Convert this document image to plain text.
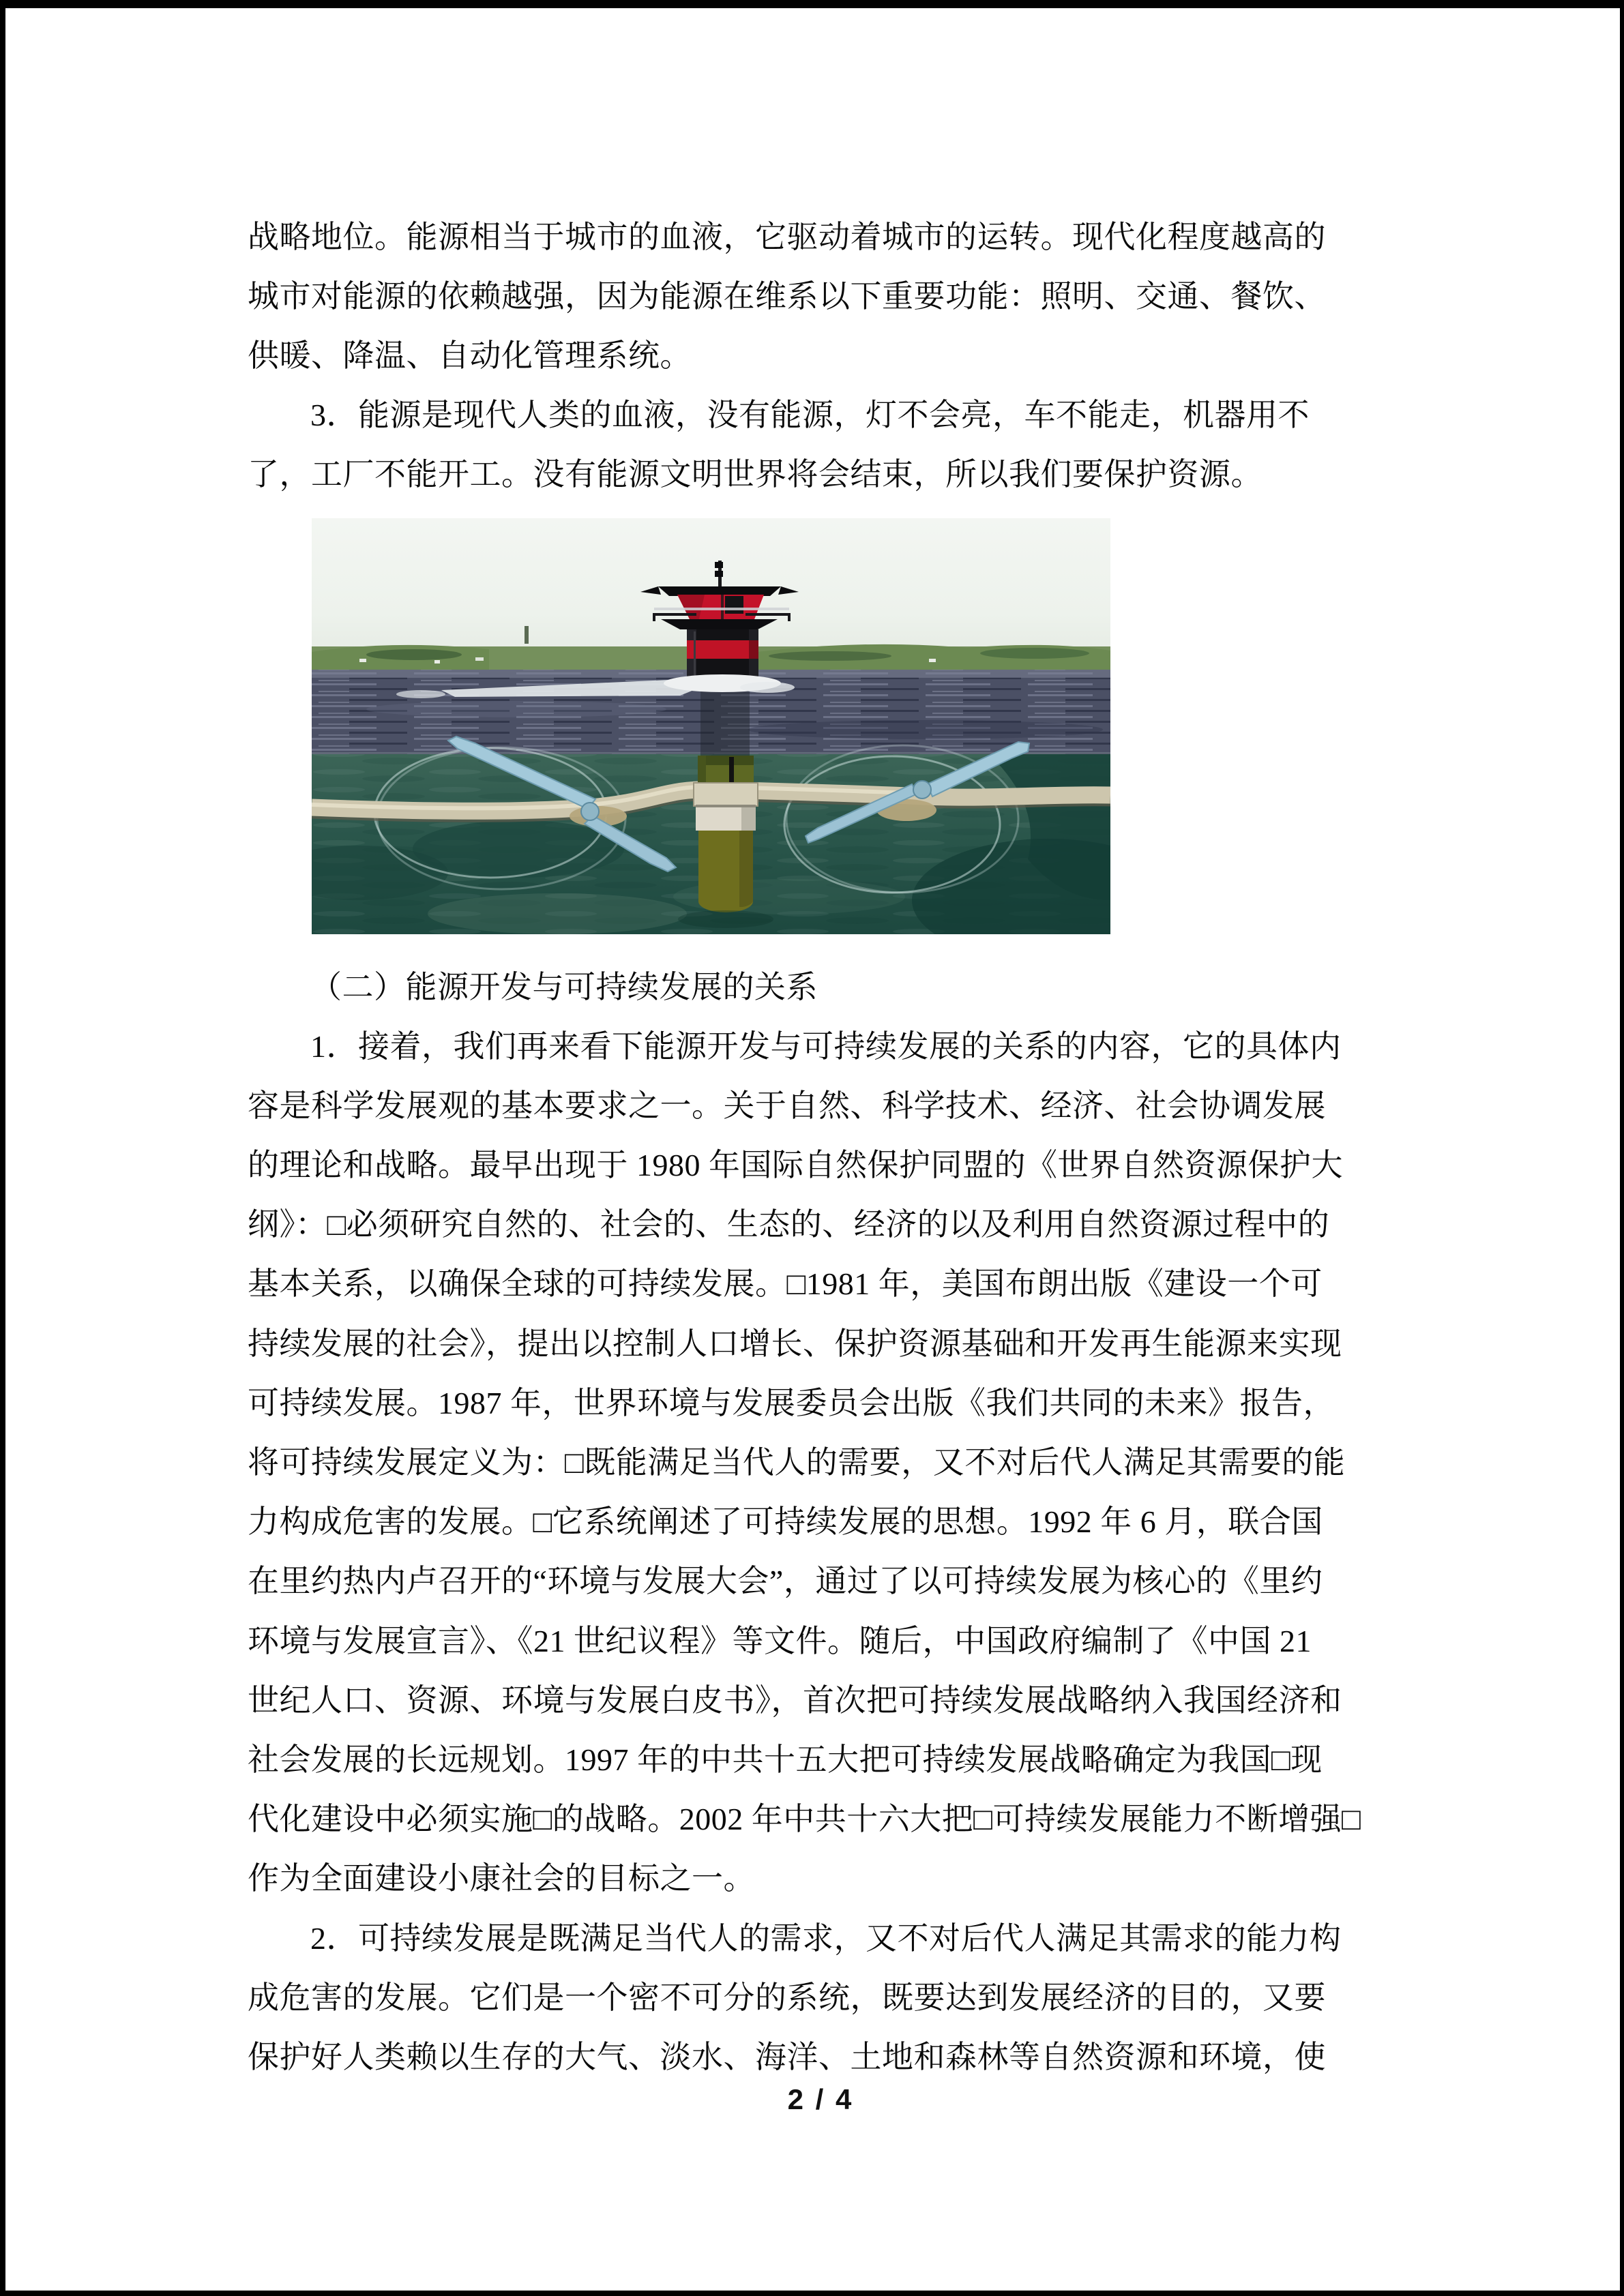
战略地位。能源相当于城市的血液，它驱动着城市的运转。现代化程度越高的
城市对能源的依赖越强，因为能源在维系以下重要功能：照明、交通、餐饮、
供暖、降温、自动化管理系统。
3．能源是现代人类的血液，没有能源，灯不会亮，车不能走，机器用不
了，工厂不能开工。没有能源文明世界将会结束，所以我们要保护资源。
（二）能源开发与可持续发展的关系
1．接着，我们再来看下能源开发与可持续发展的关系的内容，它的具体内
容是科学发展观的基本要求之一。关于自然、科学技术、经济、社会协调发展
的理论和战略。最早出现于 1980 年国际自然保护同盟的《世界自然资源保护大
纲》：□必须研究自然的、社会的、生态的、经济的以及利用自然资源过程中的
基本关系，以确保全球的可持续发展。□1981 年，美国布朗出版《建设一个可
持续发展的社会》，提出以控制人口增长、保护资源基础和开发再生能源来实现
可持续发展。1987 年，世界环境与发展委员会出版《我们共同的未来》报告，
将可持续发展定义为：□既能满足当代人的需要，又不对后代人满足其需要的能
力构成危害的发展。□它系统阐述了可持续发展的思想。1992 年 6 月，联合国
在里约热内卢召开的“环境与发展大会”，通过了以可持续发展为核心的《里约
环境与发展宣言》、《21 世纪议程》等文件。随后，中国政府编制了《中国 21
世纪人口、资源、环境与发展白皮书》，首次把可持续发展战略纳入我国经济和
社会发展的长远规划。1997 年的中共十五大把可持续发展战略确定为我国□现
代化建设中必须实施□的战略。2002 年中共十六大把□可持续发展能力不断增强□
作为全面建设小康社会的目标之一。
2．可持续发展是既满足当代人的需求，又不对后代人满足其需求的能力构
成危害的发展。它们是一个密不可分的系统，既要达到发展经济的目的，又要
保护好人类赖以生存的大气、淡水、海洋、土地和森林等自然资源和环境，使
2 / 4
